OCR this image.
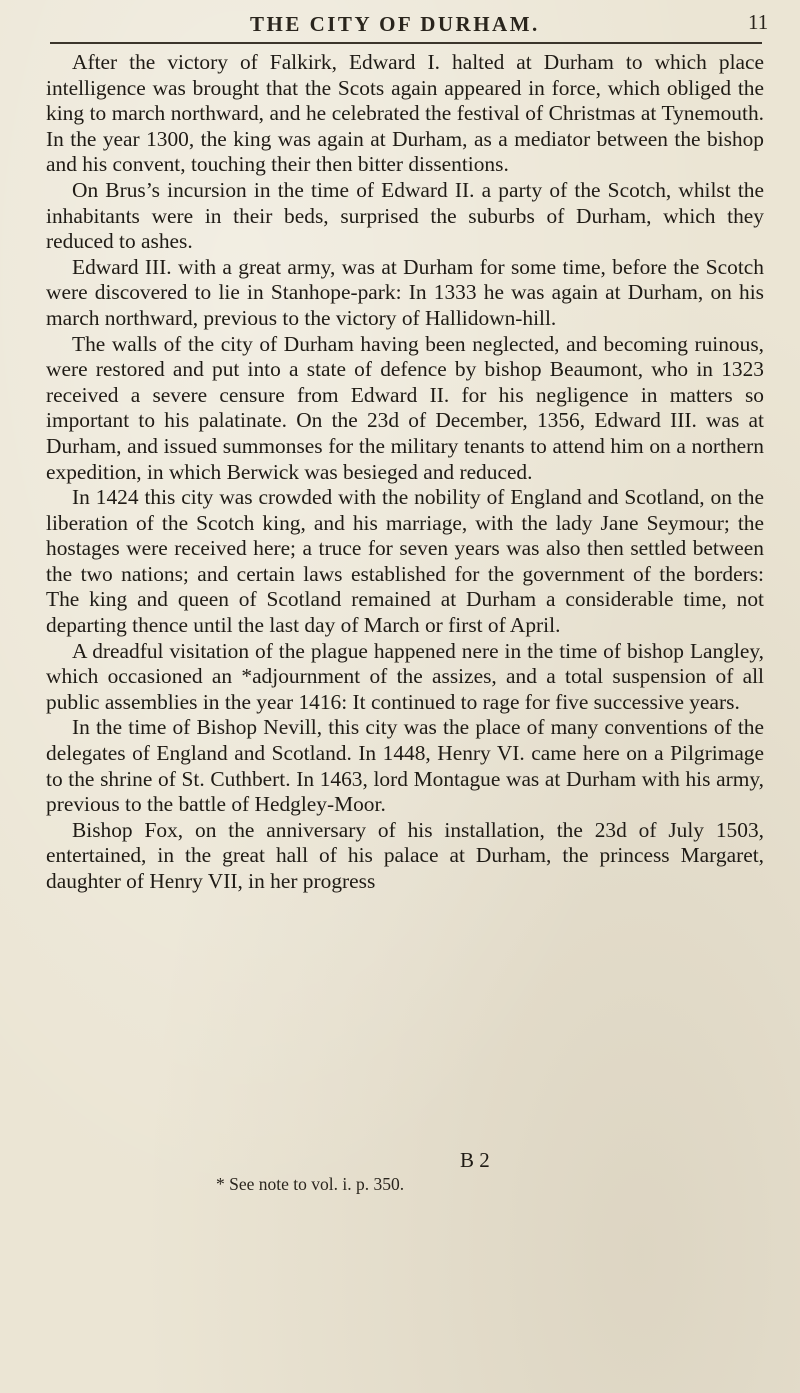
THE CITY OF DURHAM.	11

After the victory of Falkirk, Edward I. halted at Durham to which place intelligence was brought that the Scots again appeared in force, which obliged the king to march northward, and he celebrated the festival of Christmas at Tynemouth. In the year 1300, the king was again at Durham, as a mediator between the bishop and his convent, touching their then bitter dissentions.

On Brus’s incursion in the time of Edward II. a party of the Scotch, whilst the inhabitants were in their beds, surprised the suburbs of Durham, which they reduced to ashes.

Edward III. with a great army, was at Durham for some time, before the Scotch were discovered to lie in Stanhope-park: In 1333 he was again at Durham, on his march northward, previous to the victory of Hallidown-hill.

The walls of the city of Durham having been neglected, and becoming ruinous, were restored and put into a state of defence by bishop Beaumont, who in 1323 received a severe censure from Edward II. for his negligence in matters so important to his palatinate. On the 23d of December, 1356, Edward III. was at Durham, and issued summonses for the military tenants to attend him on a northern expedition, in which Berwick was besieged and reduced.

In 1424 this city was crowded with the nobility of England and Scotland, on the liberation of the Scotch king, and his marriage, with the lady Jane Seymour; the hostages were received here; a truce for seven years was also then settled between the two nations; and certain laws established for the government of the borders: The king and queen of Scotland remained at Durham a considerable time, not departing thence until the last day of March or first of April.

A dreadful visitation of the plague happened nere in the time of bishop Langley, which occasioned an *adjournment of the assizes, and a total suspension of all public assemblies in the year 1416: It continued to rage for five successive years.

In the time of Bishop Nevill, this city was the place of many conventions of the delegates of England and Scotland. In 1448, Henry VI. came here on a Pilgrimage to the shrine of St. Cuthbert. In 1463, lord Montague was at Durham with his army, previous to the battle of Hedgley-Moor.

Bishop Fox, on the anniversary of his installation, the 23d of July 1503, entertained, in the great hall of his palace at Durham, the princess Margaret, daughter of Henry VII, in her progress

B 2
* See note to vol. i. p. 350.
